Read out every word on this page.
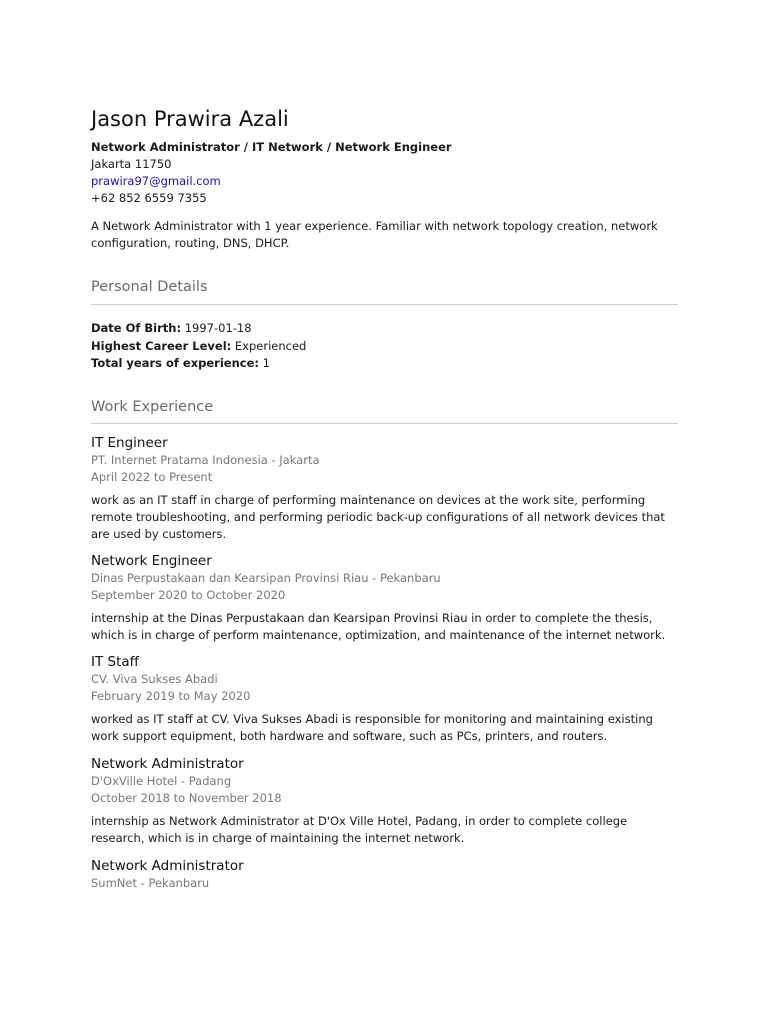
Jason Prawira Azali
Network Administrator / IT Network / Network Engineer
Jakarta 11750
prawira97@gmail.com
+62 852 6559 7355
A Network Administrator with 1 year experience. Familiar with network topology creation, network configuration, routing, DNS, DHCP.
Personal Details
Date Of Birth: 1997-01-18
Highest Career Level: Experienced
Total years of experience: 1
Work Experience
IT Engineer
PT. Internet Pratama Indonesia - Jakarta
April 2022 to Present
work as an IT staff in charge of performing maintenance on devices at the work site, performing remote troubleshooting, and performing periodic back-up configurations of all network devices that are used by customers.
Network Engineer
Dinas Perpustakaan dan Kearsipan Provinsi Riau - Pekanbaru
September 2020 to October 2020
internship at the Dinas Perpustakaan dan Kearsipan Provinsi Riau in order to complete the thesis, which is in charge of perform maintenance, optimization, and maintenance of the internet network.
IT Staff
CV. Viva Sukses Abadi
February 2019 to May 2020
worked as IT staff at CV. Viva Sukses Abadi is responsible for monitoring and maintaining existing work support equipment, both hardware and software, such as PCs, printers, and routers.
Network Administrator
D'OxVille Hotel - Padang
October 2018 to November 2018
internship as Network Administrator at D'Ox Ville Hotel, Padang, in order to complete college research, which is in charge of maintaining the internet network.
Network Administrator
SumNet - Pekanbaru
